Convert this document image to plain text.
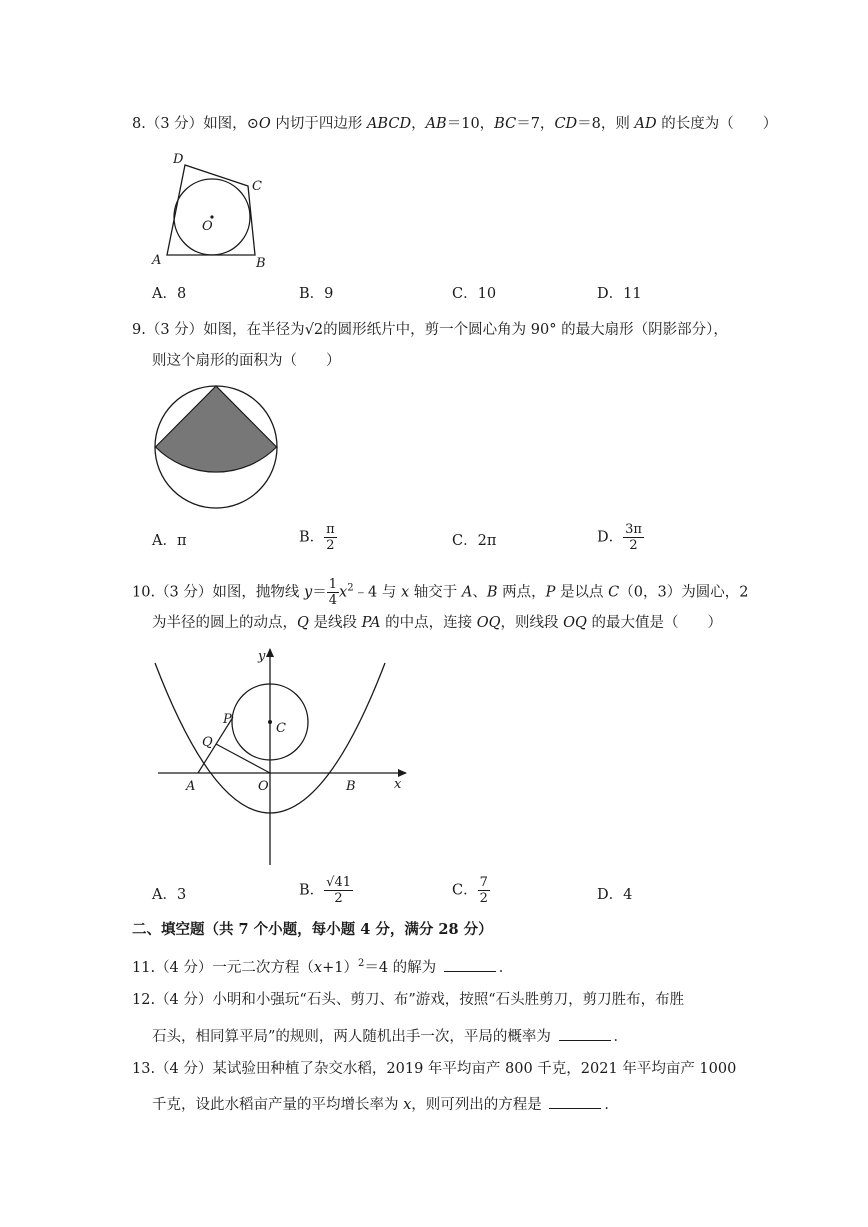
8.（3 分）如图，⊙O 内切于四边形 ABCD，AB＝10，BC＝7，CD＝8，则 AD 的长度为（　　）
D
C
O
A	B
A．8	B．9	C．10	D．11
9.（3 分）如图，在半径为√2的圆形纸片中，剪一个圆心角为 90° 的最大扇形（阴影部分），
则这个扇形的面积为（　　）
A．π	B． $\frac{\pi}{2}$	C．2π	D． $\frac{3\pi}{2}$
10.（3 分）如图，抛物线 $y= \frac{1}{4}$ $x^2﹣4$ 与 x 轴交于 A、B 两点，P 是以点 C（0，3）为圆心，2
为半径的圆上的动点，Q 是线段 PA 的中点，连接 OQ，则线段 OQ 的最大值是（　　）
y
x
A	O	B
C
P
Q
A．3	B． $\frac{√41}{2}$	C． $\frac{7}{2}$	D．4
二、填空题（共 7 个小题，每小题 4 分，满分 28 分）
11.（4 分）一元二次方程$(x+1)^2=4$ 的解为	．
12.（4 分）小明和小强玩“石头、剪刀、布”游戏，按照“石头胜剪刀，剪刀胜布，布胜
石头，相同算平局”的规则，两人随机出手一次，平局的概率为	．
13.（4 分）某试验田种植了杂交水稻，2019 年平均亩产 800 千克，2021 年平均亩产 1000
千克，设此水稻亩产量的平均增长率为 x，则可列出的方程是	．
